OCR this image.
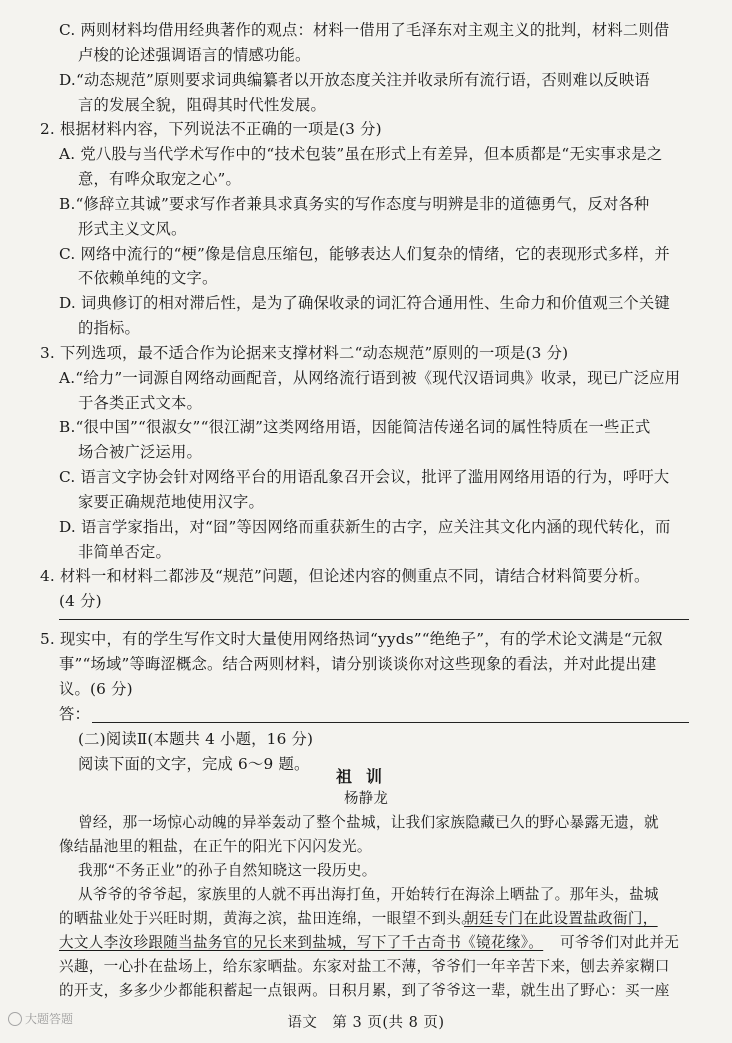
C. 两则材料均借用经典著作的观点：材料一借用了毛泽东对主观主义的批判，材料二则借
卢梭的论述强调语言的情感功能。
D.“动态规范”原则要求词典编纂者以开放态度关注并收录所有流行语，否则难以反映语
言的发展全貌，阻碍其时代性发展。
2. 根据材料内容，下列说法不正确的一项是(3 分)
A. 党八股与当代学术写作中的“技术包装”虽在形式上有差异，但本质都是“无实事求是之
意，有哗众取宠之心”。
B.“修辞立其诚”要求写作者兼具求真务实的写作态度与明辨是非的道德勇气，反对各种
形式主义文风。
C. 网络中流行的“梗”像是信息压缩包，能够表达人们复杂的情绪，它的表现形式多样，并
不依赖单纯的文字。
D. 词典修订的相对滞后性，是为了确保收录的词汇符合通用性、生命力和价值观三个关键
的指标。
3. 下列选项，最不适合作为论据来支撑材料二“动态规范”原则的一项是(3 分)
A.“给力”一词源自网络动画配音，从网络流行语到被《现代汉语词典》收录，现已广泛应用
于各类正式文本。
B.“很中国”“很淑女”“很江湖”这类网络用语，因能简洁传递名词的属性特质在一些正式
场合被广泛运用。
C. 语言文字协会针对网络平台的用语乱象召开会议，批评了滥用网络用语的行为，呼吁大
家要正确规范地使用汉字。
D. 语言学家指出，对“囧”等因网络而重获新生的古字，应关注其文化内涵的现代转化，而
非简单否定。
4. 材料一和材料二都涉及“规范”问题，但论述内容的侧重点不同，请结合材料简要分析。
(4 分)
5. 现实中，有的学生写作文时大量使用网络热词“yyds”“绝绝子”，有的学术论文满是“元叙
事”“场域”等晦涩概念。结合两则材料，请分别谈谈你对这些现象的看法，并对此提出建
议。(6 分)
答：
(二)阅读Ⅱ(本题共 4 小题，16 分)
阅读下面的文字，完成 6～9 题。
祖训
杨静龙
曾经，那一场惊心动魄的异举轰动了整个盐城，让我们家族隐藏已久的野心暴露无遗，就
像结晶池里的粗盐，在正午的阳光下闪闪发光。
我那“不务正业”的孙子自然知晓这一段历史。
从爷爷的爷爷起，家族里的人就不再出海打鱼，开始转行在海涂上晒盐了。那年头，盐城
的晒盐业处于兴旺时期，黄海之滨，盐田连绵，一眼望不到头。
朝廷专门在此设置盐政衙门，
大文人李汝珍跟随当盐务官的兄长来到盐城，写下了千古奇书《镜花缘》。 可爷爷们对此并无
兴趣，一心扑在盐场上，给东家晒盐。东家对盐工不薄，爷爷们一年辛苦下来，刨去养家糊口
的开支，多多少少都能积蓄起一点银两。日积月累，到了爷爷这一辈，就生出了野心：买一座
语文　第 3 页(共 8 页)
大题答题
